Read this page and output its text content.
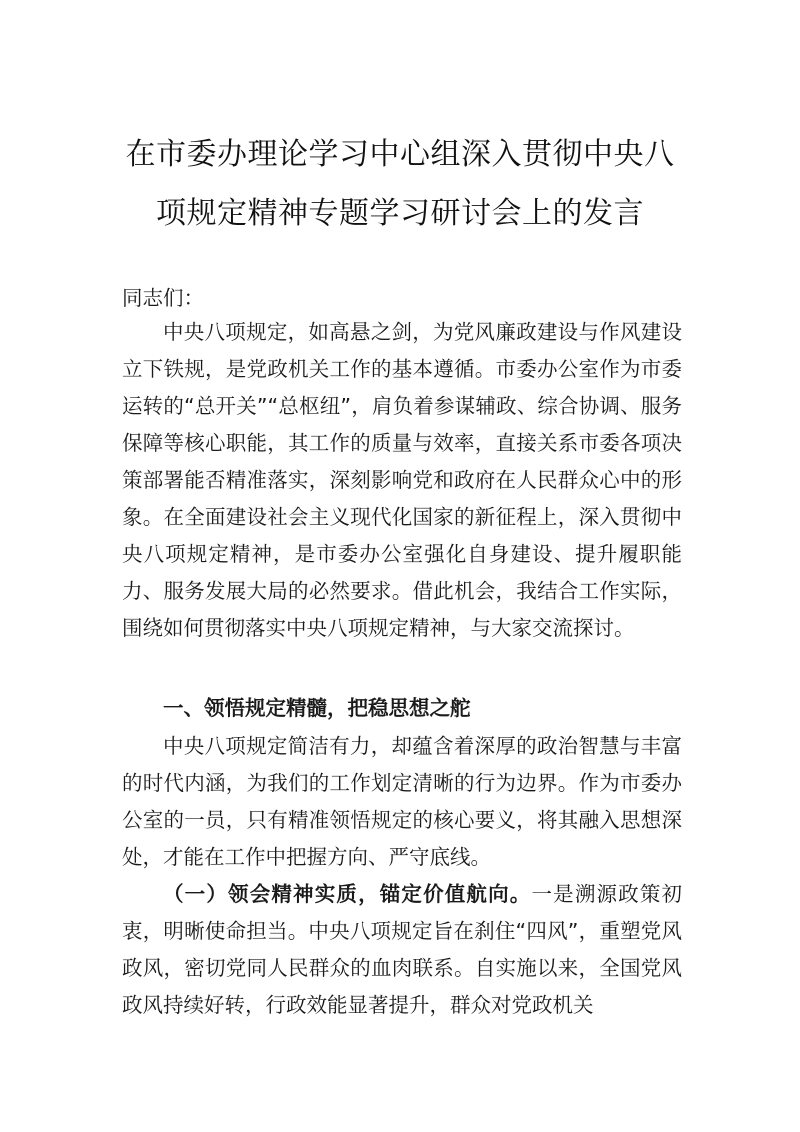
在市委办理论学习中心组深入贯彻中央八
项规定精神专题学习研讨会上的发言
同志们：

中央八项规定，如高悬之剑，为党风廉政建设与作风建设立下铁规，是党政机关工作的基本遵循。市委办公室作为市委运转的“总开关”“总枢纽”，肩负着参谋辅政、综合协调、服务保障等核心职能，其工作的质量与效率，直接关系市委各项决策部署能否精准落实，深刻影响党和政府在人民群众心中的形象。在全面建设社会主义现代化国家的新征程上，深入贯彻中央八项规定精神，是市委办公室强化自身建设、提升履职能力、服务发展大局的必然要求。借此机会，我结合工作实际，围绕如何贯彻落实中央八项规定精神，与大家交流探讨。

一、领悟规定精髓，把稳思想之舵

中央八项规定简洁有力，却蕴含着深厚的政治智慧与丰富的时代内涵，为我们的工作划定清晰的行为边界。作为市委办公室的一员，只有精准领悟规定的核心要义，将其融入思想深处，才能在工作中把握方向、严守底线。

（一）领会精神实质，锚定价值航向。一是溯源政策初衷，明晰使命担当。中央八项规定旨在刹住“四风”，重塑党风政风，密切党同人民群众的血肉联系。自实施以来，全国党风政风持续好转，行政效能显著提升，群众对党政机关
